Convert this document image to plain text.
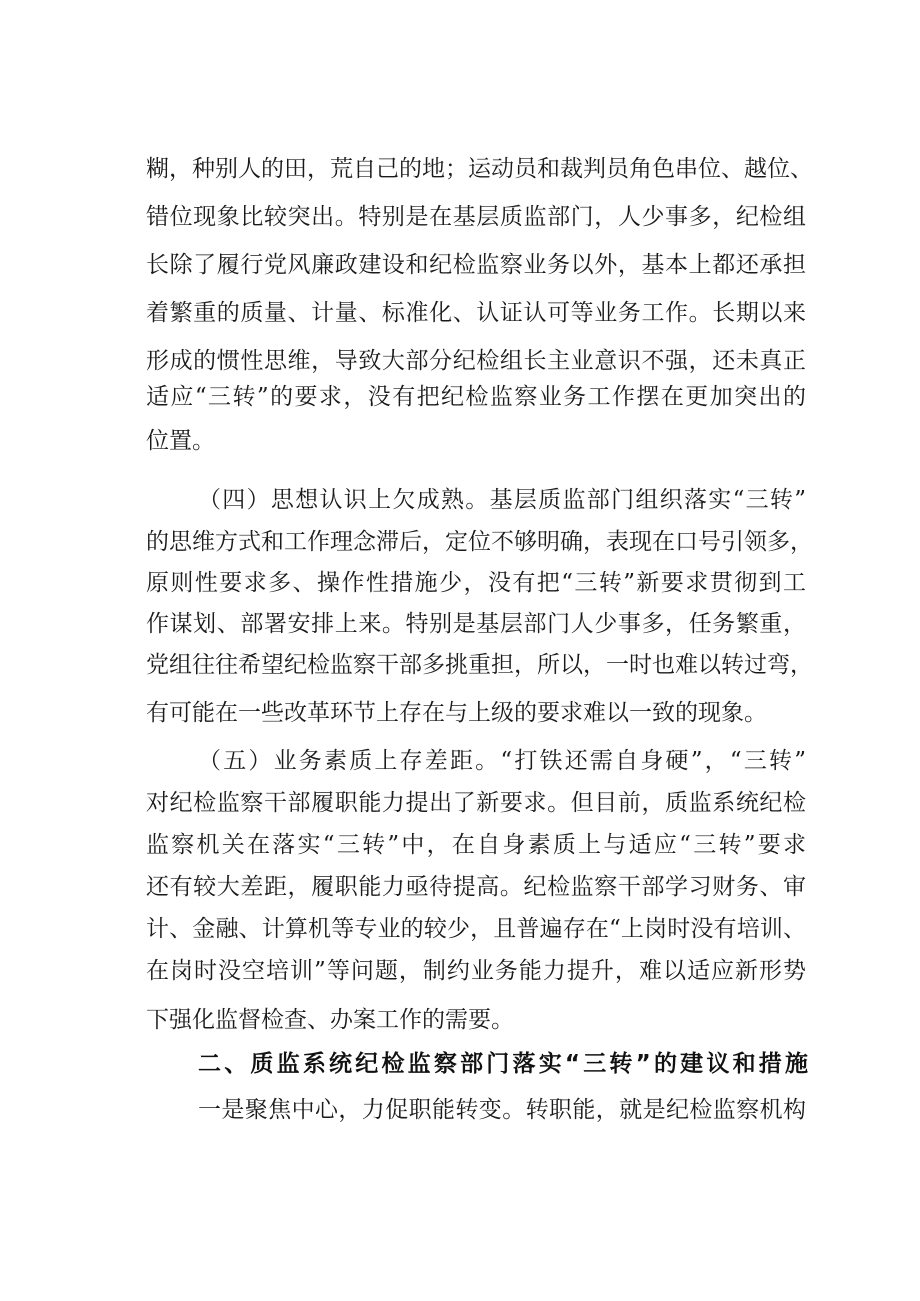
糊，种别人的田，荒自己的地；运动员和裁判员角色串位、越位、

错位现象比较突出。特别是在基层质监部门，人少事多，纪检组

长除了履行党风廉政建设和纪检监察业务以外，基本上都还承担

着繁重的质量、计量、标准化、认证认可等业务工作。长期以来

形成的惯性思维，导致大部分纪检组长主业意识不强，还未真正

适应“三转”的要求，没有把纪检监察业务工作摆在更加突出的

位置。

（四）思想认识上欠成熟。基层质监部门组织落实“三转”

的思维方式和工作理念滞后，定位不够明确，表现在口号引领多，

原则性要求多、操作性措施少，没有把“三转”新要求贯彻到工

作谋划、部署安排上来。特别是基层部门人少事多，任务繁重，

党组往往希望纪检监察干部多挑重担，所以，一时也难以转过弯，

有可能在一些改革环节上存在与上级的要求难以一致的现象。

（五）业务素质上存差距。“打铁还需自身硬”，“三转”

对纪检监察干部履职能力提出了新要求。但目前，质监系统纪检

监察机关在落实“三转”中，在自身素质上与适应“三转”要求

还有较大差距，履职能力亟待提高。纪检监察干部学习财务、审

计、金融、计算机等专业的较少，且普遍存在“上岗时没有培训、

在岗时没空培训”等问题，制约业务能力提升，难以适应新形势

下强化监督检查、办案工作的需要。

二、质监系统纪检监察部门落实“三转”的建议和措施

一是聚焦中心，力促职能转变。转职能，就是纪检监察机构
